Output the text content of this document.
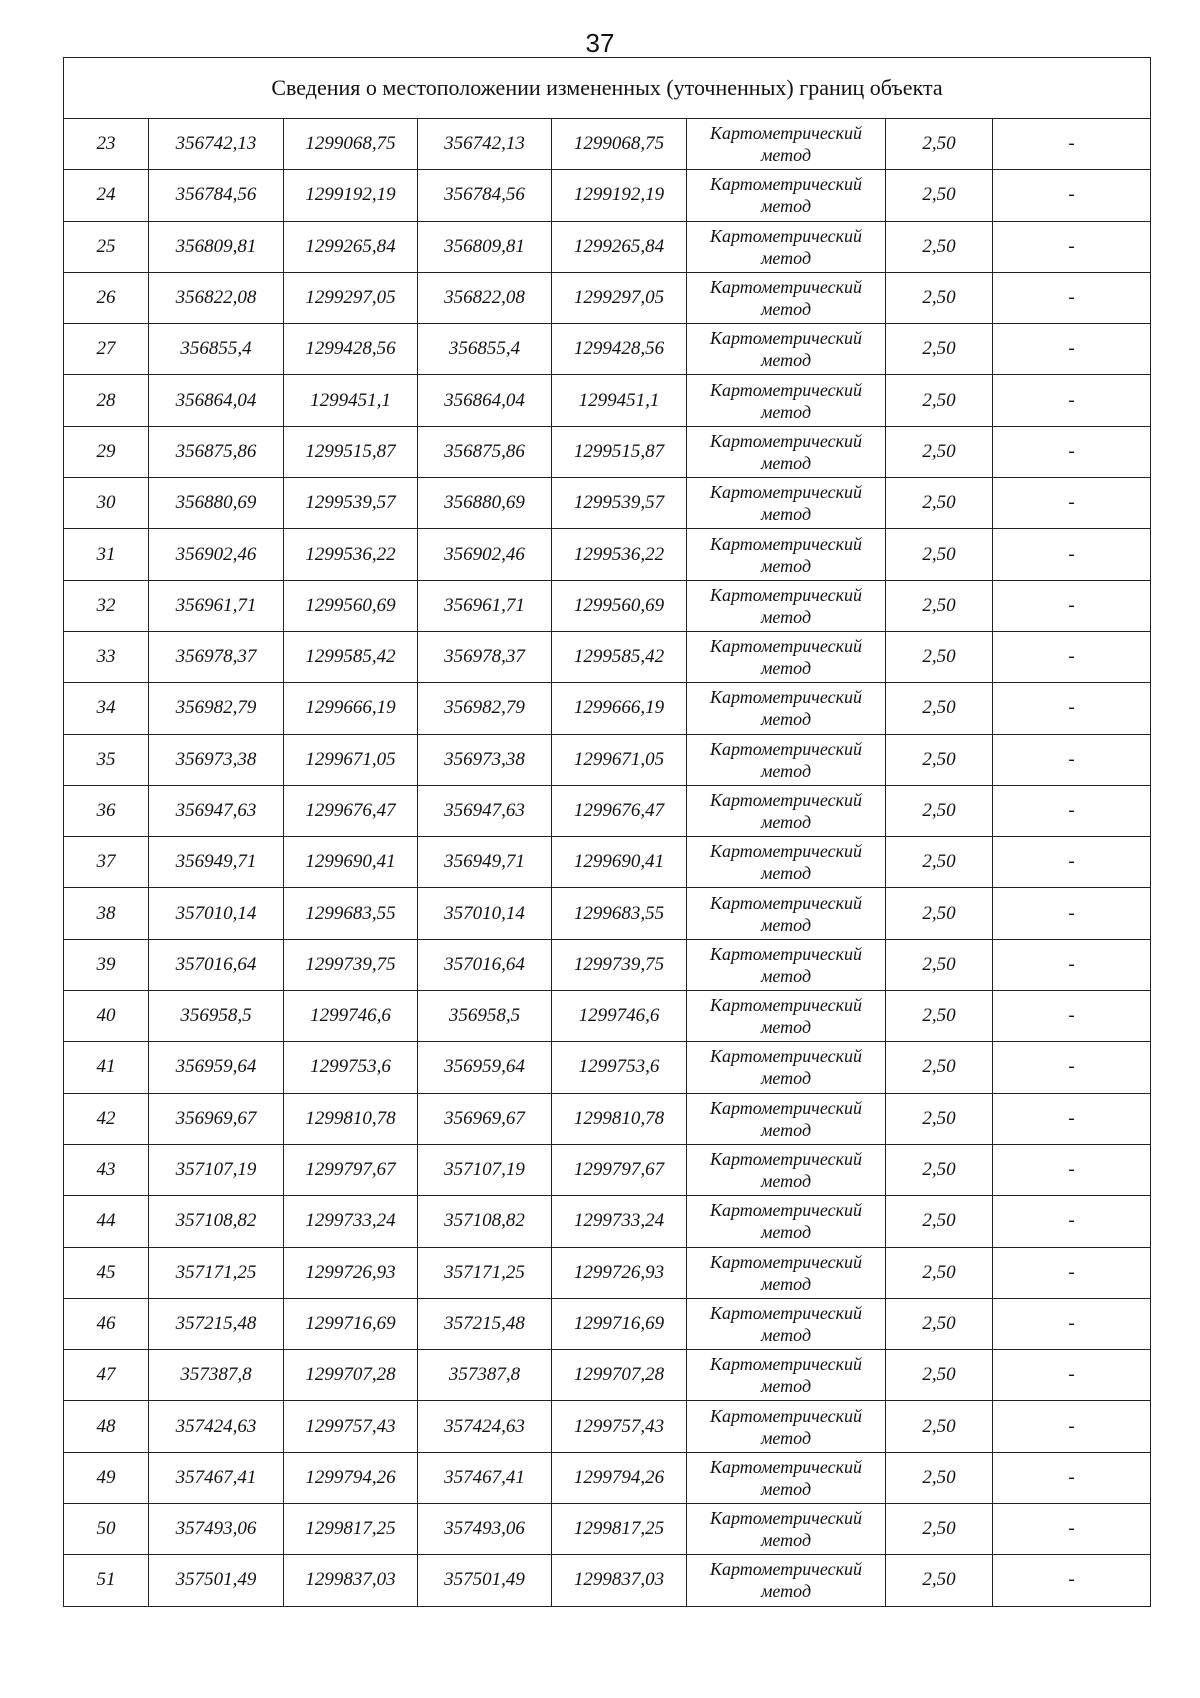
37
Сведения о местоположении измененных (уточненных) границ объекта							
23	356742,13	1299068,75	356742,13	1299068,75	Картометрический метод	2,50	-
24	356784,56	1299192,19	356784,56	1299192,19	Картометрический метод	2,50	-
25	356809,81	1299265,84	356809,81	1299265,84	Картометрический метод	2,50	-
26	356822,08	1299297,05	356822,08	1299297,05	Картометрический метод	2,50	-
27	356855,4	1299428,56	356855,4	1299428,56	Картометрический метод	2,50	-
28	356864,04	1299451,1	356864,04	1299451,1	Картометрический метод	2,50	-
29	356875,86	1299515,87	356875,86	1299515,87	Картометрический метод	2,50	-
30	356880,69	1299539,57	356880,69	1299539,57	Картометрический метод	2,50	-
31	356902,46	1299536,22	356902,46	1299536,22	Картометрический метод	2,50	-
32	356961,71	1299560,69	356961,71	1299560,69	Картометрический метод	2,50	-
33	356978,37	1299585,42	356978,37	1299585,42	Картометрический метод	2,50	-
34	356982,79	1299666,19	356982,79	1299666,19	Картометрический метод	2,50	-
35	356973,38	1299671,05	356973,38	1299671,05	Картометрический метод	2,50	-
36	356947,63	1299676,47	356947,63	1299676,47	Картометрический метод	2,50	-
37	356949,71	1299690,41	356949,71	1299690,41	Картометрический метод	2,50	-
38	357010,14	1299683,55	357010,14	1299683,55	Картометрический метод	2,50	-
39	357016,64	1299739,75	357016,64	1299739,75	Картометрический метод	2,50	-
40	356958,5	1299746,6	356958,5	1299746,6	Картометрический метод	2,50	-
41	356959,64	1299753,6	356959,64	1299753,6	Картометрический метод	2,50	-
42	356969,67	1299810,78	356969,67	1299810,78	Картометрический метод	2,50	-
43	357107,19	1299797,67	357107,19	1299797,67	Картометрический метод	2,50	-
44	357108,82	1299733,24	357108,82	1299733,24	Картометрический метод	2,50	-
45	357171,25	1299726,93	357171,25	1299726,93	Картометрический метод	2,50	-
46	357215,48	1299716,69	357215,48	1299716,69	Картометрический метод	2,50	-
47	357387,8	1299707,28	357387,8	1299707,28	Картометрический метод	2,50	-
48	357424,63	1299757,43	357424,63	1299757,43	Картометрический метод	2,50	-
49	357467,41	1299794,26	357467,41	1299794,26	Картометрический метод	2,50	-
50	357493,06	1299817,25	357493,06	1299817,25	Картометрический метод	2,50	-
51	357501,49	1299837,03	357501,49	1299837,03	Картометрический метод	2,50	-
